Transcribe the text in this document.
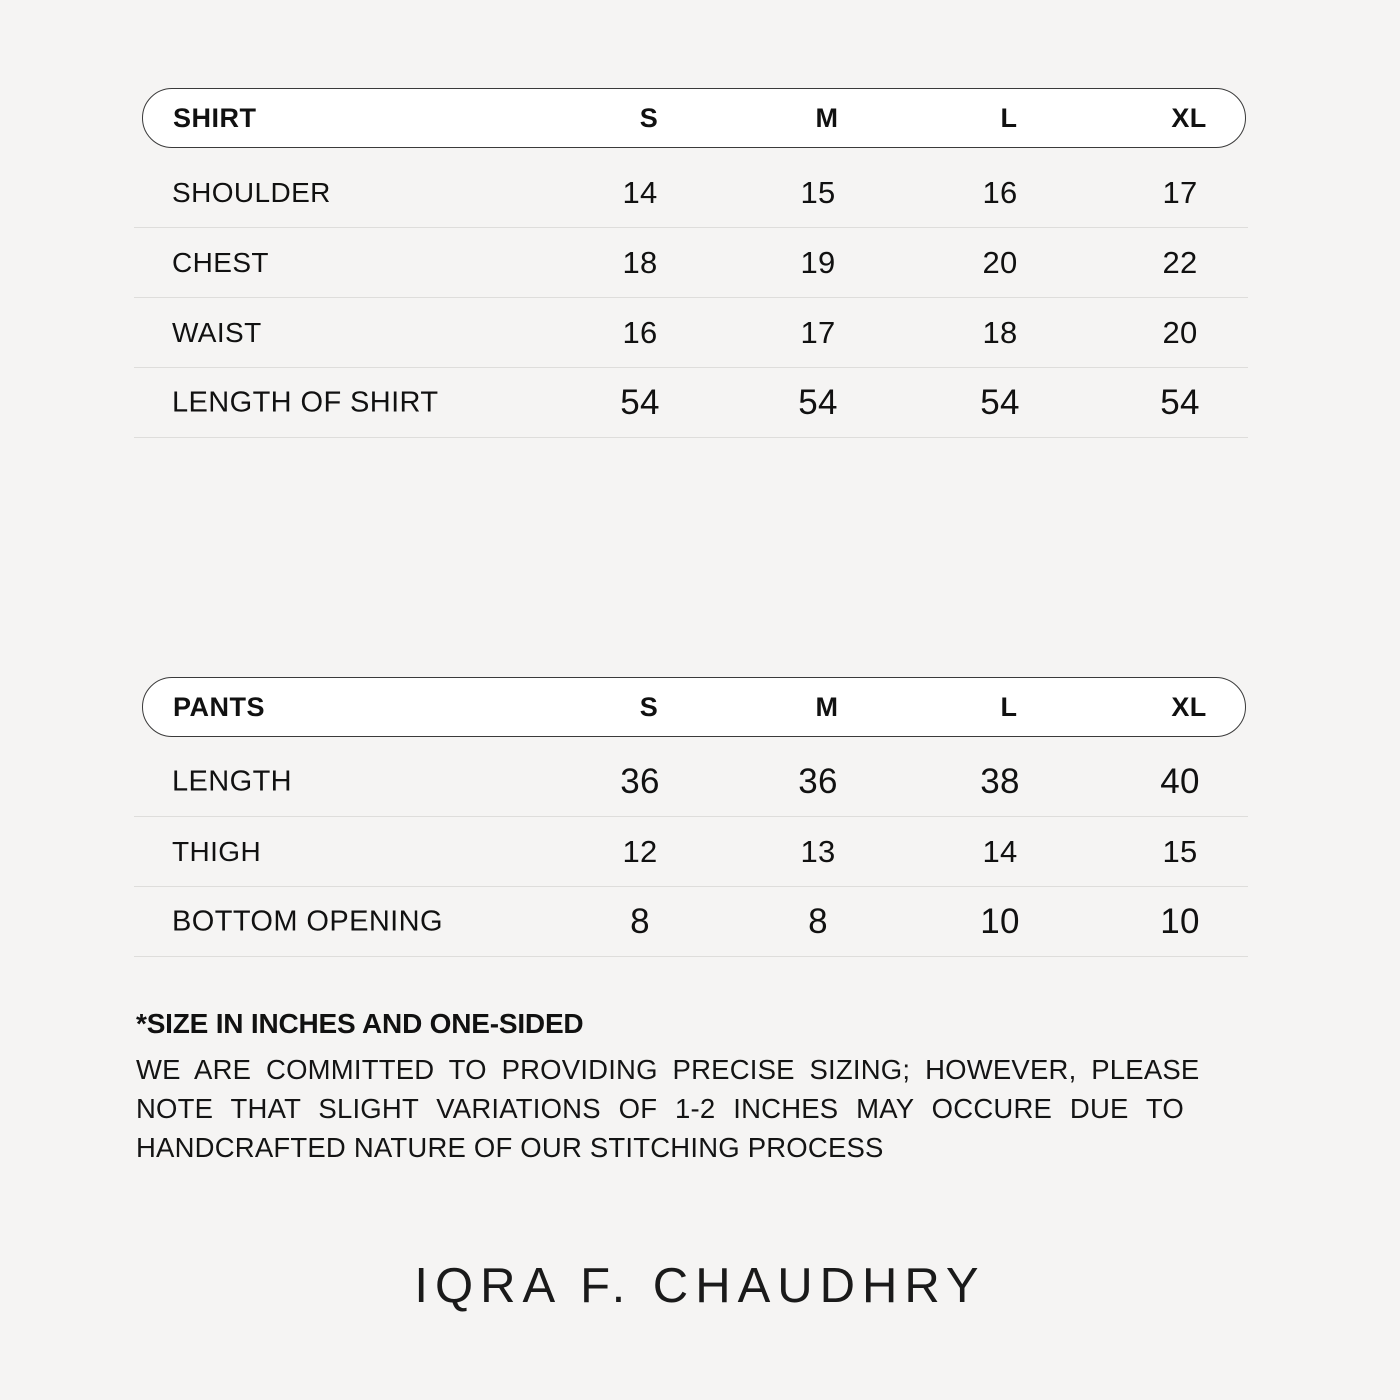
SHIRT	S	M	L	XL
SHOULDER	14	15	16	17
CHEST	18	19	20	22
WAIST	16	17	18	20
LENGTH OF SHIRT	54	54	54	54
PANTS	S	M	L	XL
LENGTH	36	36	38	40
THIGH	12	13	14	15
BOTTOM OPENING	8	8	10	10

*SIZE IN INCHES AND ONE-SIDED

WE ARE COMMITTED TO PROVIDING PRECISE SIZING; HOWEVER, PLEASE

NOTE THAT SLIGHT VARIATIONS OF 1-2 INCHES MAY OCCURE DUE TO

HANDCRAFTED NATURE OF OUR STITCHING PROCESS

IQRA F. CHAUDHRY
